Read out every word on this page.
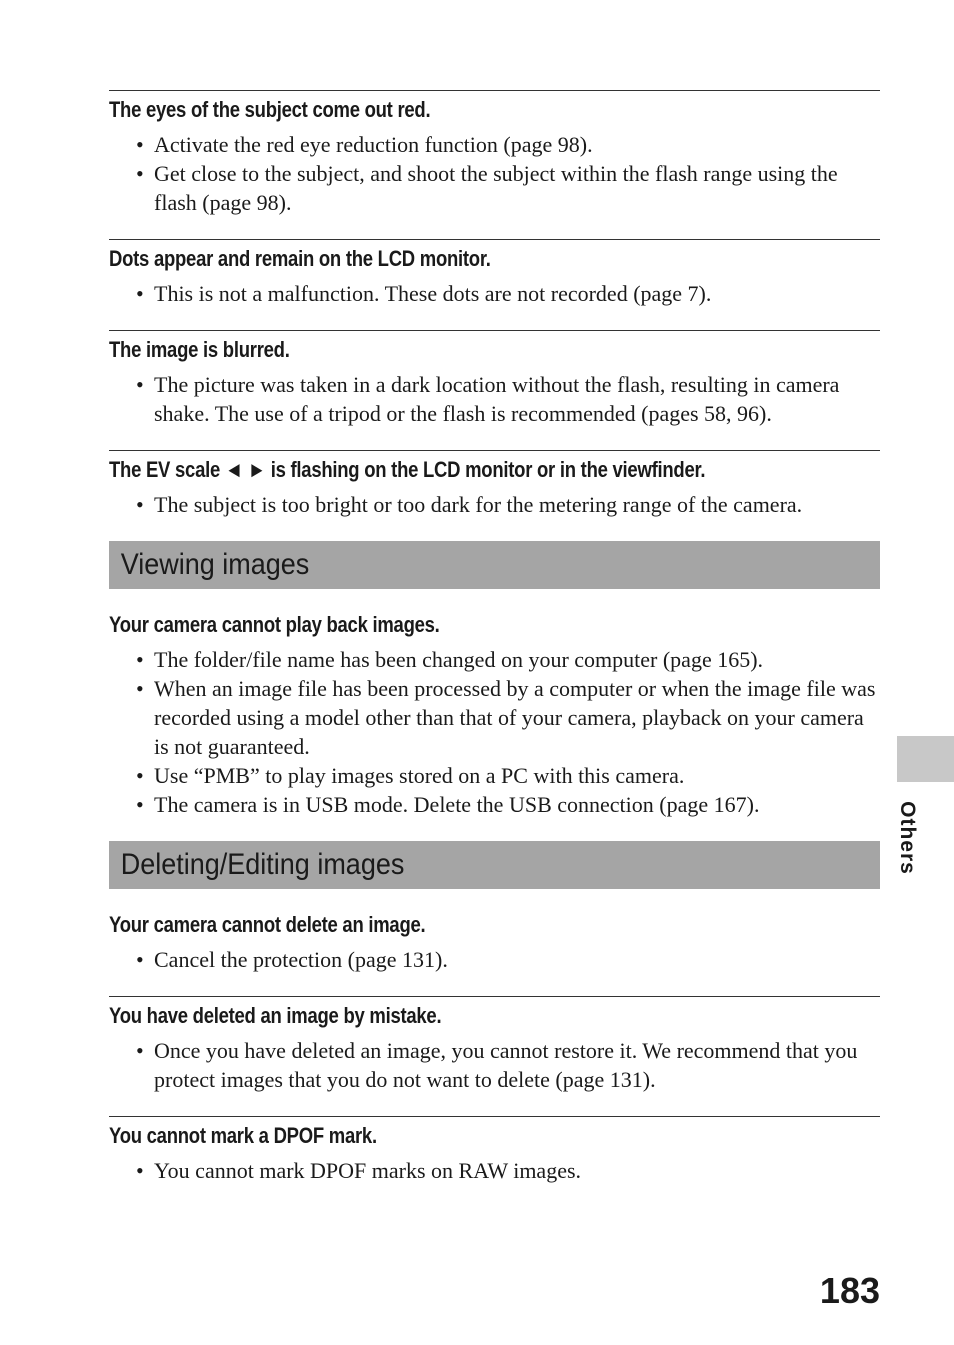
The eyes of the subject come out red.
• Activate the red eye reduction function (page 98).
• Get close to the subject, and shoot the subject within the flash range using the flash (page 98).
Dots appear and remain on the LCD monitor.
• This is not a malfunction. These dots are not recorded (page 7).
The image is blurred.
• The picture was taken in a dark location without the flash, resulting in camera shake. The use of a tripod or the flash is recommended (pages 58, 96).
The EV scale ◄ ► is flashing on the LCD monitor or in the viewfinder.
• The subject is too bright or too dark for the metering range of the camera.
Viewing images
Your camera cannot play back images.
• The folder/file name has been changed on your computer (page 165).
• When an image file has been processed by a computer or when the image file was recorded using a model other than that of your camera, playback on your camera is not guaranteed.
• Use “PMB” to play images stored on a PC with this camera.
• The camera is in USB mode. Delete the USB connection (page 167).
Deleting/Editing images
Your camera cannot delete an image.
• Cancel the protection (page 131).
You have deleted an image by mistake.
• Once you have deleted an image, you cannot restore it. We recommend that you protect images that you do not want to delete (page 131).
You cannot mark a DPOF mark.
• You cannot mark DPOF marks on RAW images.
Others
183
